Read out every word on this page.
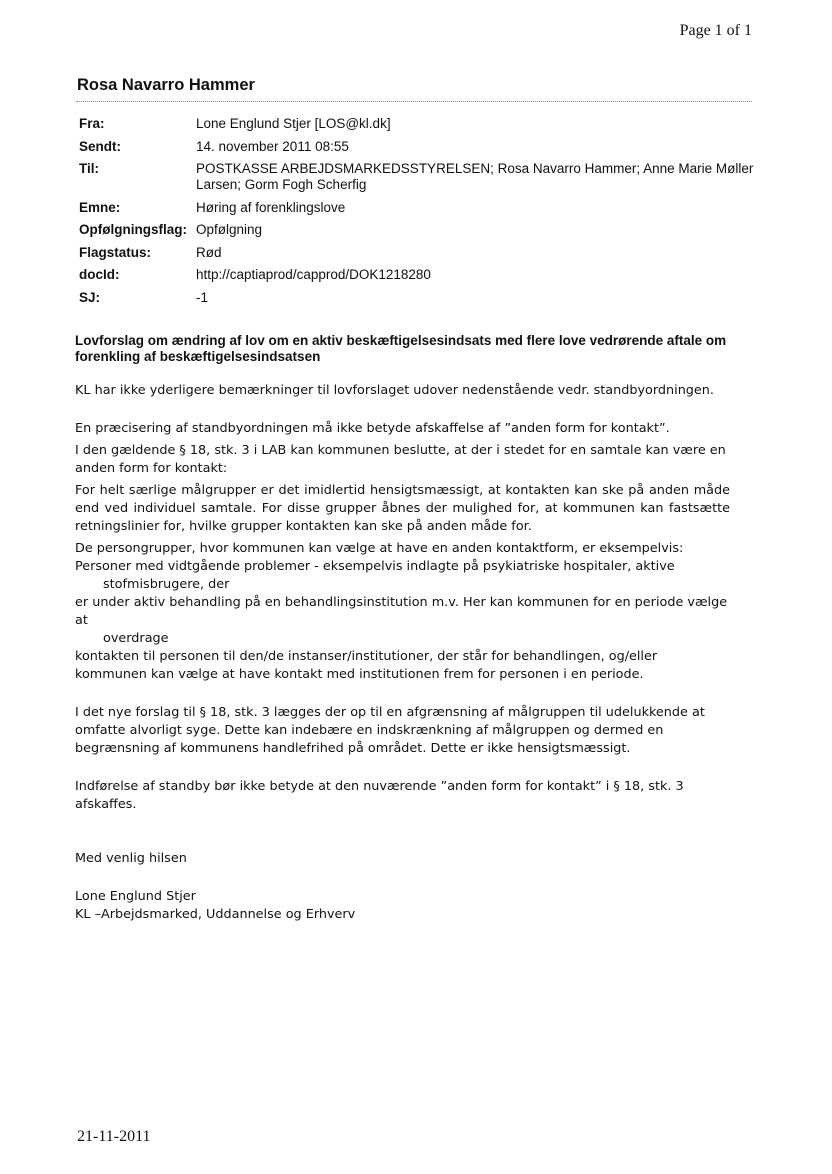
Page 1 of 1
Rosa Navarro Hammer
Fra:	Lone Englund Stjer [LOS@kl.dk]
Sendt:	14. november 2011 08:55
Til:	POSTKASSE ARBEJDSMARKEDSSTYRELSEN; Rosa Navarro Hammer; Anne Marie Møller Larsen; Gorm Fogh Scherfig
Emne:	Høring af forenklingslove
Opfølgningsflag: Opfølgning
Flagstatus:	Rød
docId:	http://captiaprod/capprod/DOK1218280
SJ:	-1
Lovforslag om ændring af lov om en aktiv beskæftigelsesindsats med flere love vedrørende aftale om forenkling af beskæftigelsesindsatsen

KL har ikke yderligere bemærkninger til lovforslaget udover nedenstående vedr. standbyordningen.

En præcisering af standbyordningen må ikke betyde afskaffelse af ”anden form for kontakt”.

I den gældende § 18, stk. 3 i LAB kan kommunen beslutte, at der i stedet for en samtale kan være en anden form for kontakt:

For helt særlige målgrupper er det imidlertid hensigtsmæssigt, at kontakten kan ske på anden måde end ved individuel samtale. For disse grupper åbnes der mulighed for, at kommunen kan fastsætte retningslinier for, hvilke grupper kontakten kan ske på anden måde for.

De persongrupper, hvor kommunen kan vælge at have en anden kontaktform, er eksempelvis:

Personer med vidtgående problemer - eksempelvis indlagte på psykiatriske hospitaler, aktive

stofmisbrugere, der

er under aktiv behandling på en behandlingsinstitution m.v. Her kan kommunen for en periode vælge at

overdrage

kontakten til personen til den/de instanser/institutioner, der står for behandlingen, og/eller kommunen kan vælge at have kontakt med institutionen frem for personen i en periode.

I det nye forslag til § 18, stk. 3 lægges der op til en afgrænsning af målgruppen til udelukkende at omfatte alvorligt syge. Dette kan indebære en indskrænkning af målgruppen og dermed en begrænsning af kommunens handlefrihed på området. Dette er ikke hensigtsmæssigt.

Indførelse af standby bør ikke betyde at den nuværende ”anden form for kontakt” i § 18, stk. 3 afskaffes.

Med venlig hilsen

Lone Englund Stjer

KL –Arbejdsmarked, Uddannelse og Erhverv

21-11-2011
